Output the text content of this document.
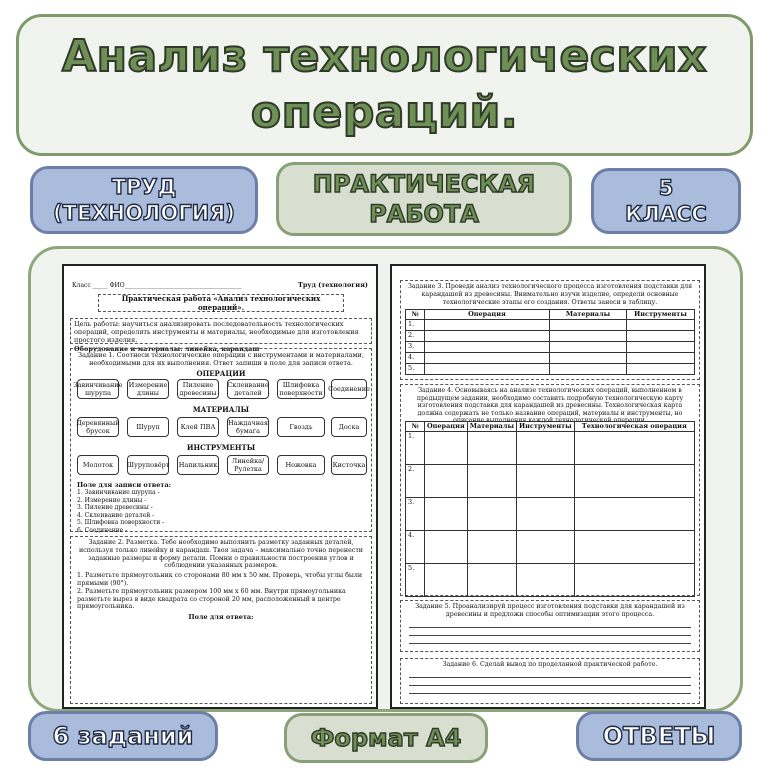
Анализ технологических
операций.
ТРУД
(ТЕХНОЛОГИЯ)
ПРАКТИЧЕСКАЯ
РАБОТА
5
КЛАСС
Класс _____ ФИО_______________________________________	Труд (технология)
Практическая работа «Анализ технологических операций».
Цель работы: научиться анализировать последовательность технологических операций, определять инструменты и материалы, необходимые для изготовления простого изделия.
Оборудование и материалы: линейка, карандаш
Задание 1. Соотнеси технологические операции с инструментами и материалами, необходимыми для их выполнения. Ответ запиши в поле для записи ответа.
ОПЕРАЦИИ
Завинчивание шурупа
Измерение длины
Пиление древесины
Склеивание деталей
Шлифовка поверхности Соединение
МАТЕРИАЛЫ
Деревянный брусок	Шуруп	Клей ПВА	Наждачная бумага	Гвоздь	Доска
ИНСТРУМЕНТЫ
Молоток	Шуруповёрт Напильник	Линейка/ Рулетка	Ножовка	Кисточка
Поле для записи ответа:
1. Завинчивание шурупа -
2. Измерение длины -
3. Пиление древесины -
4. Склеивание деталей -
5. Шлифовка поверхности -
6. Соединение -
Задание 2. Разметка. Тебе необходимо выполнить разметку заданных деталей, используя только линейку и карандаш. Твоя задача – максимально точно перенести заданные размеры и форму детали. Помни о правильности построения углов и соблюдении указанных размеров.
1. Разметьте прямоугольник со сторонами 80 мм х 50 мм. Проверь, чтобы углы были прямыми (90°).
2. Разметьте прямоугольник размером 100 мм х 60 мм. Внутри прямоугольника разметьте вырез в виде квадрата со стороной 20 мм, расположенный в центре прямоугольника.
Поле для ответа:
Задание 3. Проведи анализ технологического процесса изготовления подставки для карандашей из древесины. Внимательно изучи изделие, определи основные технологические этапы его создания. Ответы занеси в таблицу.
№	Операция	Материалы	Инструменты
1.			
2.			
3.			
4.			
5.			
Задание 4. Основываясь на анализе технологических операций, выполненном в предыдущем задании, необходимо составить подробную технологическую карту изготовления подставки для карандашей из древесины. Технологическая карта должна содержать не только название операций, материалы и инструменты, но описание выполнения каждой технологической операции.
№	Операция	Материалы	Инструменты	Технологическая операция
1.				
2.				
3.				
4.				
5.				
Задание 5. Проанализируй процесс изготовления подставки для карандашей из древесины и предложи способы оптимизации этого процесса.
Задание 6. Сделай вывод по проделанной практической работе.
6 заданий	Формат А4	ОТВЕТЫ
